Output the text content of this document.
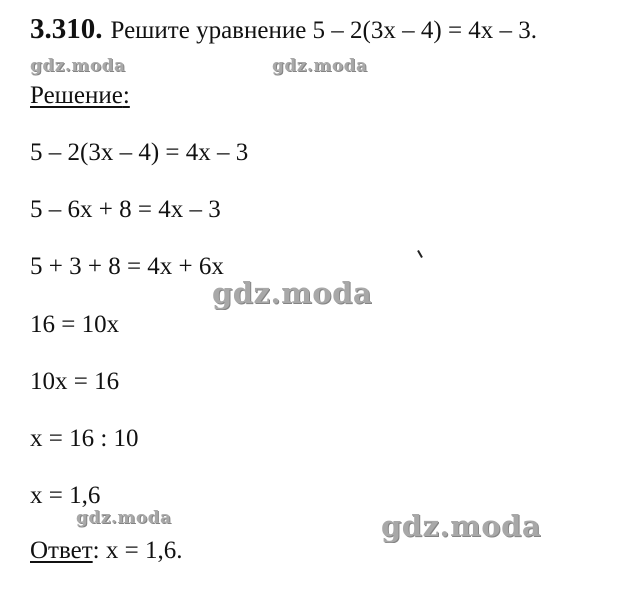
3.310. Решите уравнение 5 – 2(3x – 4) = 4x – 3.
gdz.moda	gdz.moda
Решение:
5 – 2(3x – 4) = 4x – 3
5 – 6x + 8 = 4x – 3
5 + 3 + 8 = 4x + 6x
16 = 10x
10x = 16
x = 16 : 10
x = 1,6
gdz.moda
gdz.moda	gdz.moda
Ответ: x = 1,6.
